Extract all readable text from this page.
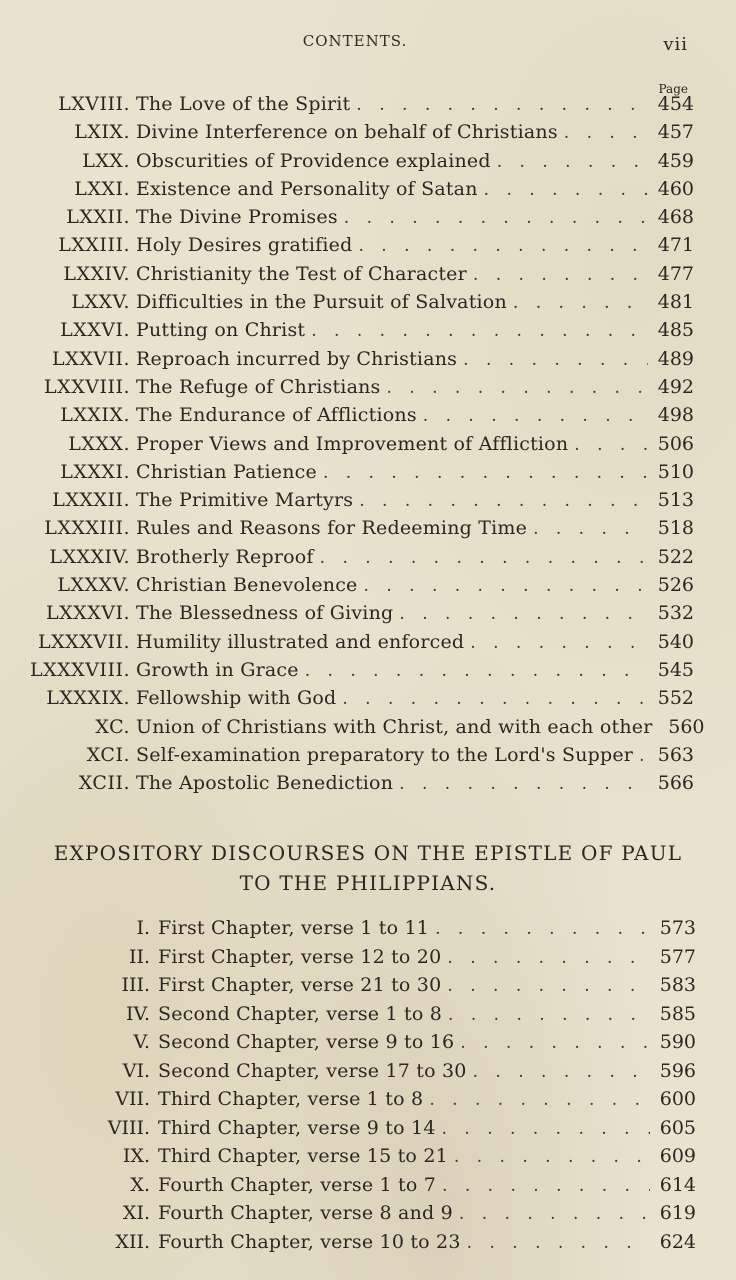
CONTENTS.	vii
Page
LXVIII. The Love of the Spirit . . .	454
LXIX. Divine Interference on behalf of Christians . . .	457
LXX. Obscurities of Providence explained . . .	459
LXXI. Existence and Personality of Satan . . .	460
LXXII. The Divine Promises . . .	468
LXXIII. Holy Desires gratified . . .	471
LXXIV. Christianity the Test of Character . . .	477
LXXV. Difficulties in the Pursuit of Salvation . . .	481
LXXVI. Putting on Christ . . .	485
LXXVII. Reproach incurred by Christians . . .	489
LXXVIII. The Refuge of Christians . . .	492
LXXIX. The Endurance of Afflictions . . .	498
LXXX. Proper Views and Improvement of Affliction . . .	506
LXXXI. Christian Patience . . .	510
LXXXII. The Primitive Martyrs . . .	513
LXXXIII. Rules and Reasons for Redeeming Time . . .	518
LXXXIV. Brotherly Reproof . . .	522
LXXXV. Christian Benevolence . . .	526
LXXXVI. The Blessedness of Giving . . .	532
LXXXVII. Humility illustrated and enforced . . .	540
LXXXVIII. Growth in Grace . . .	545
LXXXIX. Fellowship with God . . .	552
XC. Union of Christians with Christ, and with each other 560
XCI. Self-examination preparatory to the Lord's Supper . . . 563
XCII. The Apostolic Benediction . . .	566
EXPOSITORY DISCOURSES ON THE EPISTLE OF PAUL
TO THE PHILIPPIANS.
I. First Chapter, verse 1 to 11 . . .	573
II. First Chapter, verse 12 to 20 . . .	577
III. First Chapter, verse 21 to 30 . . .	583
IV. Second Chapter, verse 1 to 8 . . .	585
V. Second Chapter, verse 9 to 16 . . .	590
VI. Second Chapter, verse 17 to 30 . . .	596
VII. Third Chapter, verse 1 to 8 . . .	600
VIII. Third Chapter, verse 9 to 14 . . .	605
IX. Third Chapter, verse 15 to 21 . . .	609
X. Fourth Chapter, verse 1 to 7 . . .	614
XI. Fourth Chapter, verse 8 and 9 . . .	619
XII. Fourth Chapter, verse 10 to 23 . . .	624
